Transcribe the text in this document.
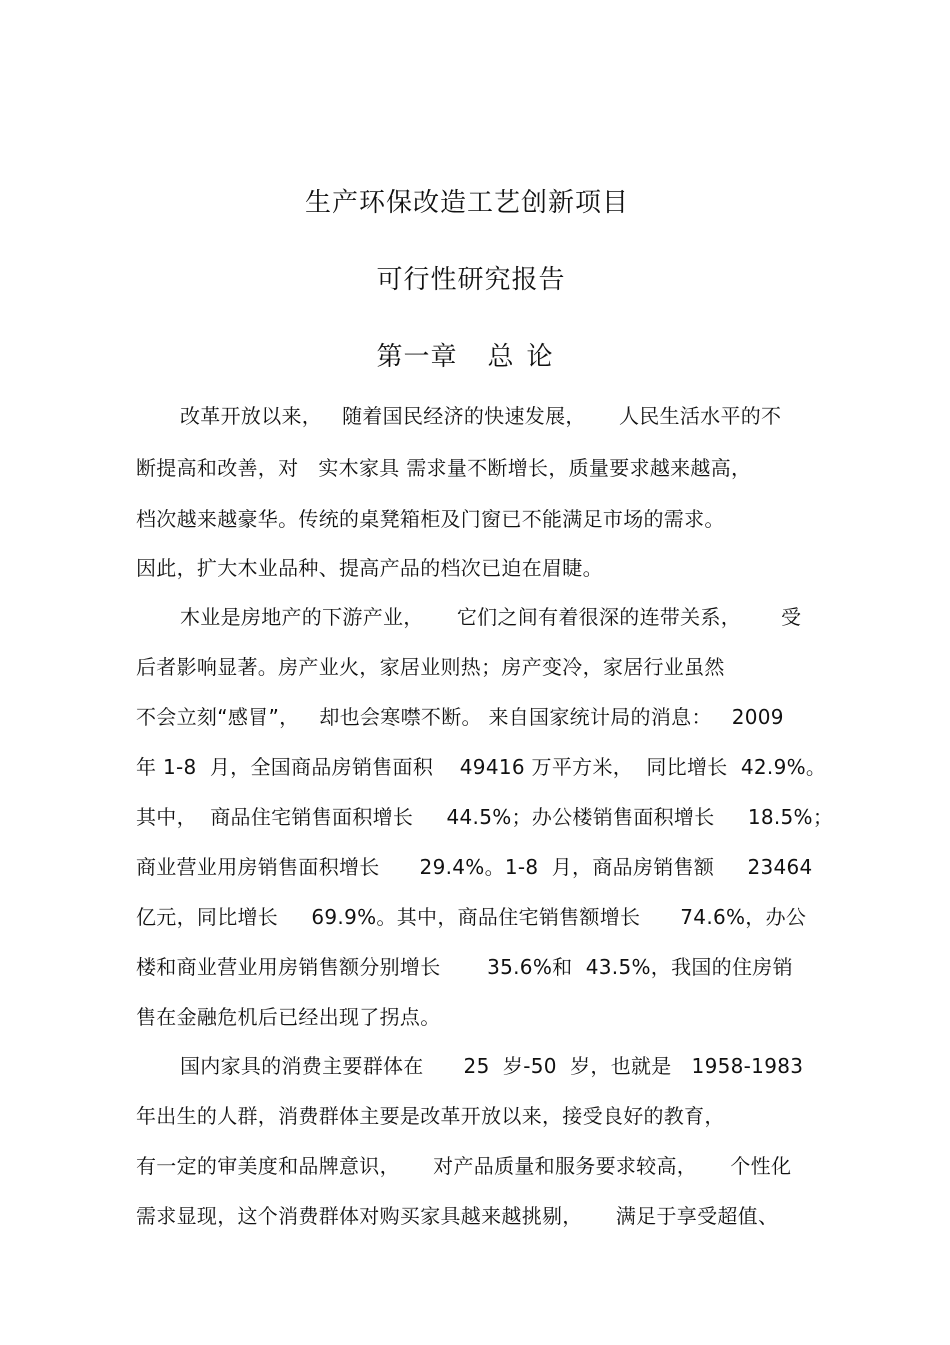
生产环保改造工艺创新项目
可行性研究报告
第一章 总 论
改革开放以来，   随着国民经济的快速发展，     人民生活水平的不
断提高和改善，对   实木家具 需求量不断增长，质量要求越来越高，
档次越来越豪华。传统的桌凳箱柜及门窗已不能满足市场的需求。
因此，扩大木业品种、提高产品的档次已迫在眉睫。
木业是房地产的下游产业，     它们之间有着很深的连带关系，      受
后者影响显著。房产业火，家居业则热；房产变冷，家居行业虽然
不会立刻“感冒”，   却也会寒噤不断。 来自国家统计局的消息：   2009
年 1-8  月，全国商品房销售面积    49416 万平方米，  同比增长  42.9%。
其中，  商品住宅销售面积增长     44.5%；办公楼销售面积增长     18.5%；
商业营业用房销售面积增长      29.4%。1-8  月，商品房销售额     23464
亿元，同比增长     69.9%。其中，商品住宅销售额增长      74.6%，办公
楼和商业营业用房销售额分别增长       35.6%和  43.5%，我国的住房销
售在金融危机后已经出现了拐点。
国内家具的消费主要群体在      25  岁-50  岁，也就是   1958-1983
年出生的人群，消费群体主要是改革开放以来，接受良好的教育，
有一定的审美度和品牌意识，     对产品质量和服务要求较高，     个性化
需求显现，这个消费群体对购买家具越来越挑剔，     满足于享受超值、
